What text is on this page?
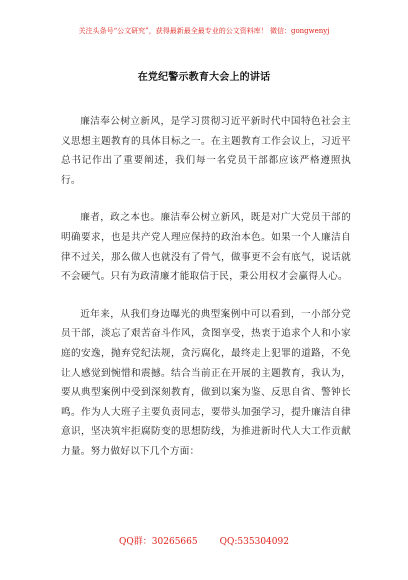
关注头条号“公文研究”，获得最新最全最专业的公文资料库！ 微信：gongwenyj
在党纪警示教育大会上的讲话

廉洁奉公树立新风，是学习贯彻习近平新时代中国特色社会主义思想主题教育的具体目标之一。在主题教育工作会议上，习近平总书记作出了重要阐述，我们每一名党员干部都应该严格遵照执行。

廉者，政之本也。廉洁奉公树立新风，既是对广大党员干部的明确要求，也是共产党人理应保持的政治本色。如果一个人廉洁自律不过关，那么做人也就没有了骨气，做事更不会有底气，说话就不会硬气。只有为政清廉才能取信于民，秉公用权才会赢得人心。

近年来，从我们身边曝光的典型案例中可以看到，一小部分党员干部，淡忘了艰苦奋斗作风，贪图享受，热衷于追求个人和小家庭的安逸，抛弃党纪法规，贪污腐化，最终走上犯罪的道路，不免让人感觉到惋惜和震撼。结合当前正在开展的主题教育，我认为，要从典型案例中受到深刻教育，做到以案为鉴、反思自省、警钟长鸣。作为人大班子主要负责同志，要带头加强学习，提升廉洁自律意识，坚决筑牢拒腐防变的思想防线，为推进新时代人大工作贡献力量。努力做好以下几个方面：

QQ群：30265665 QQ:535304092
